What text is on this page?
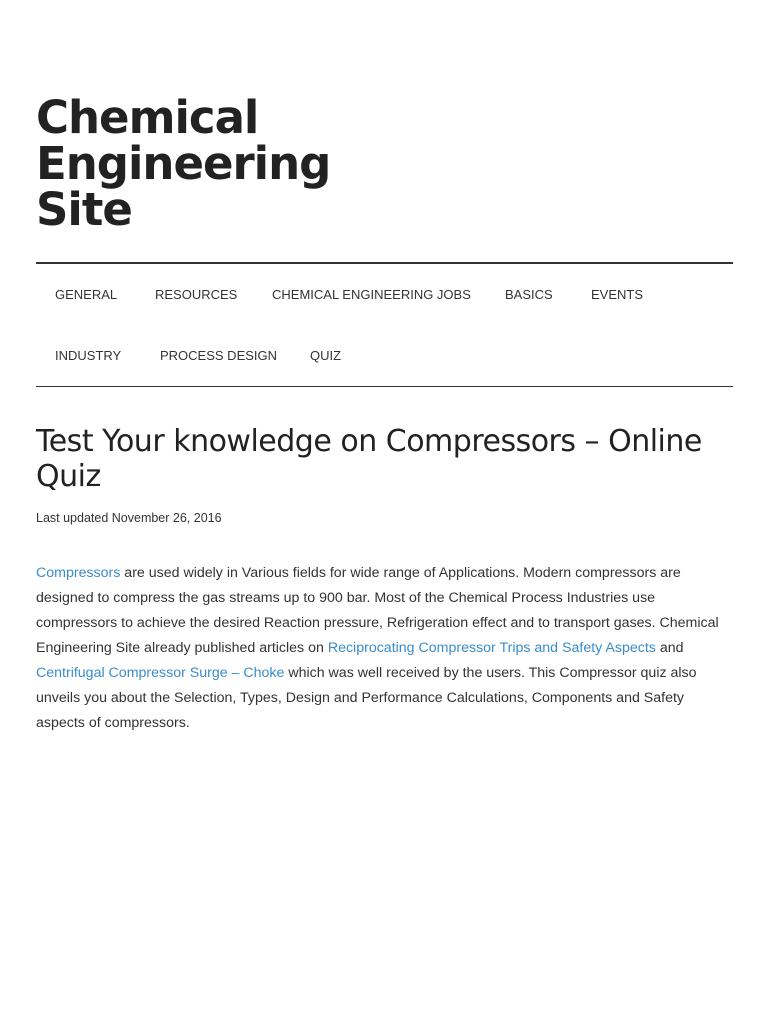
Chemical
Engineering
Site
GENERAL	RESOURCES	CHEMICAL ENGINEERING JOBS	BASICS	EVENTS
INDUSTRY	PROCESS DESIGN	QUIZ
Test Your knowledge on Compressors – Online Quiz
Last updated November 26, 2016

Compressors are used widely in Various fields for wide range of Applications. Modern compressors are designed to compress the gas streams up to 900 bar. Most of the Chemical Process Industries use compressors to achieve the desired Reaction pressure, Refrigeration effect and to transport gases. Chemical Engineering Site already published articles on Reciprocating Compressor Trips and Safety Aspects and Centrifugal Compressor Surge – Choke which was well received by the users. This Compressor quiz also unveils you about the Selection, Types, Design and Performance Calculations, Components and Safety aspects of compressors.
